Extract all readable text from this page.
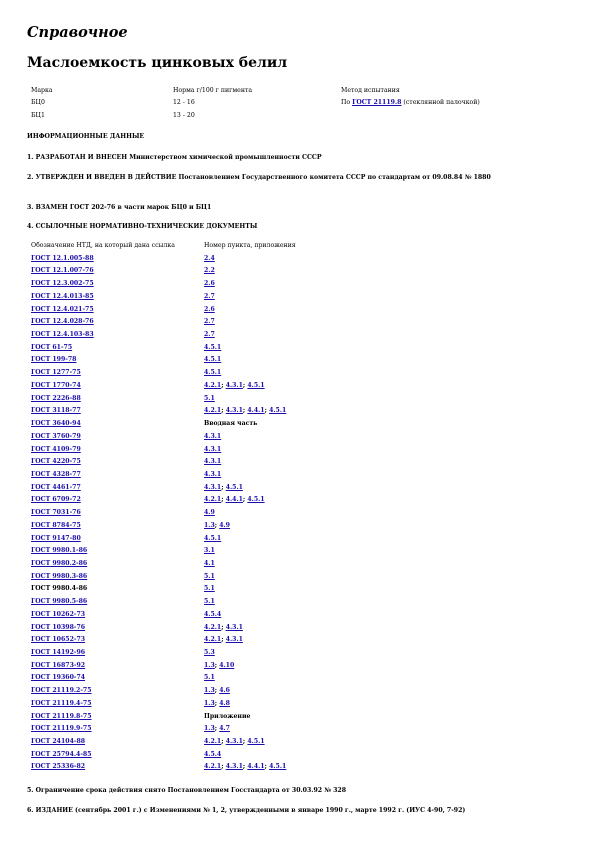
Справочное
Маслоемкость цинковых белил
Марка	Норма г/100 г пигмента	Метод испытания
БЦ0	12 - 16	По ГОСТ 21119.8 (стеклянной палочкой)
БЦ1	13 - 20
ИНФОРМАЦИОННЫЕ ДАННЫЕ
1. РАЗРАБОТАН И ВНЕСЕН Министерством химической промышленности СССР
2. УТВЕРЖДЕН И ВВЕДЕН В ДЕЙСТВИЕ Постановлением Государственного комитета СССР по стандартам от 09.08.84 № 1880
3. ВЗАМЕН ГОСТ 202-76 в части марок БЦ0 и БЦ1
4. ССЫЛОЧНЫЕ НОРМАТИВНО-ТЕХНИЧЕСКИЕ ДОКУМЕНТЫ
Обозначение НТД, на который дана ссылка	Номер пункта, приложения
ГОСТ 12.1.005-88	2.4
ГОСТ 12.1.007-76	2.2
ГОСТ 12.3.002-75	2.6
ГОСТ 12.4.013-85	2.7
ГОСТ 12.4.021-75	2.6
ГОСТ 12.4.028-76	2.7
ГОСТ 12.4.103-83	2.7
ГОСТ 61-75	4.5.1
ГОСТ 199-78	4.5.1
ГОСТ 1277-75	4.5.1
ГОСТ 1770-74	4.2.1; 4.3.1; 4.5.1
ГОСТ 2226-88	5.1
ГОСТ 3118-77	4.2.1; 4.3.1; 4.4.1; 4.5.1
ГОСТ 3640-94	Вводная часть
ГОСТ 3760-79	4.3.1
ГОСТ 4109-79	4.3.1
ГОСТ 4220-75	4.3.1
ГОСТ 4328-77	4.3.1
ГОСТ 4461-77	4.3.1; 4.5.1
ГОСТ 6709-72	4.2.1; 4.4.1; 4.5.1
ГОСТ 7031-76	4.9
ГОСТ 8784-75	1.3; 4.9
ГОСТ 9147-80	4.5.1
ГОСТ 9980.1-86	3.1
ГОСТ 9980.2-86	4.1
ГОСТ 9980.3-86	5.1
ГОСТ 9980.4-86	5.1
ГОСТ 9980.5-86	5.1
ГОСТ 10262-73	4.5.4
ГОСТ 10398-76	4.2.1; 4.3.1
ГОСТ 10652-73	4.2.1; 4.3.1
ГОСТ 14192-96	5.3
ГОСТ 16873-92	1.3; 4.10
ГОСТ 19360-74	5.1
ГОСТ 21119.2-75	1.3; 4.6
ГОСТ 21119.4-75	1.3; 4.8
ГОСТ 21119.8-75	Приложение
ГОСТ 21119.9-75	1.3; 4.7
ГОСТ 24104-88	4.2.1; 4.3.1; 4.5.1
ГОСТ 25794.4-85	4.5.4
ГОСТ 25336-82	4.2.1; 4.3.1; 4.4.1; 4.5.1
5. Ограничение срока действия снято Постановлением Госстандарта от 30.03.92 № 328
6. ИЗДАНИЕ (сентябрь 2001 г.) с Изменениями № 1, 2, утвержденными в январе 1990 г., марте 1992 г. (ИУС 4-90, 7-92)
